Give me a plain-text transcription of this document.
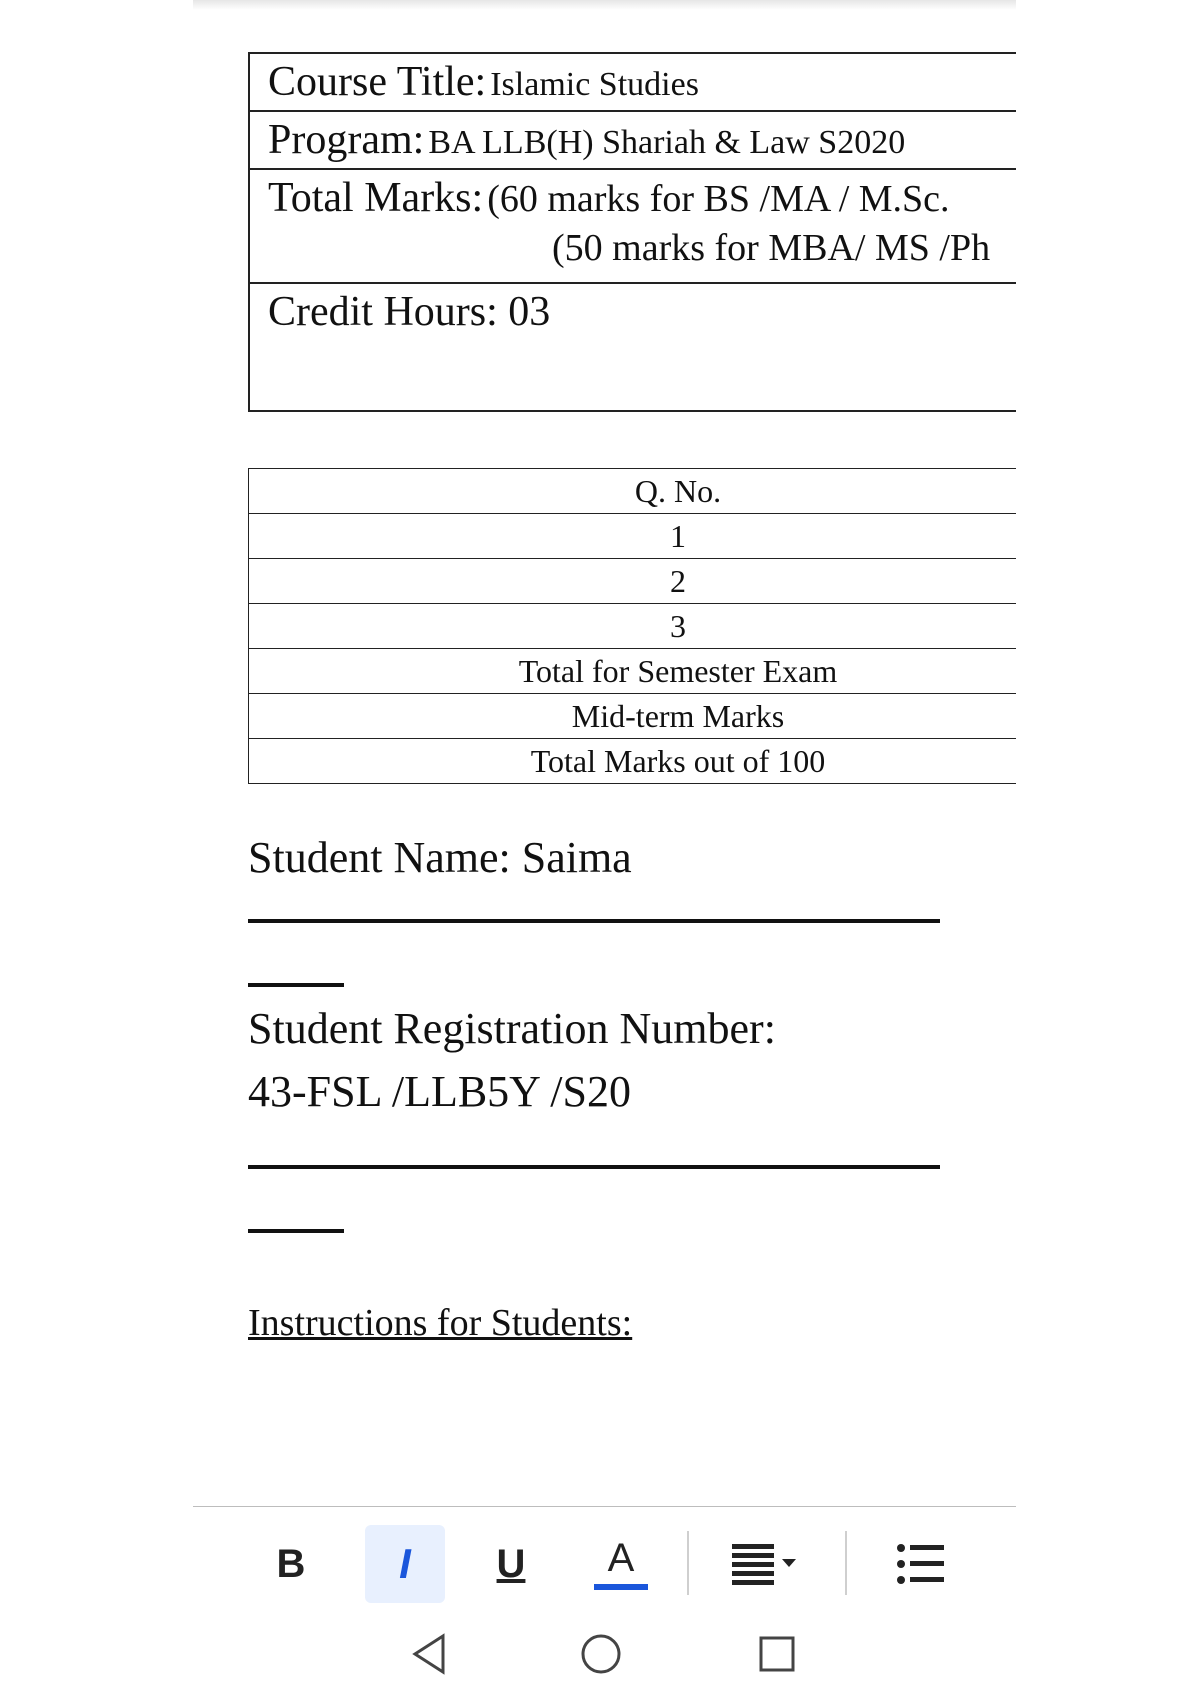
Course Title: Islamic Studies
Program: BA LLB(H) Shariah & Law S2020
Total Marks: (60 marks for BS /MA / M.Sc.
(50 marks for MBA/ MS /Ph

Credit Hours: 03
Q. No.
1
2
3
Total for Semester Exam
Mid-term Marks
Total Marks out of 100

Student Name: Saima

Student Registration Number:

43-FSL /LLB5Y /S20

Instructions for Students:

B I U A
